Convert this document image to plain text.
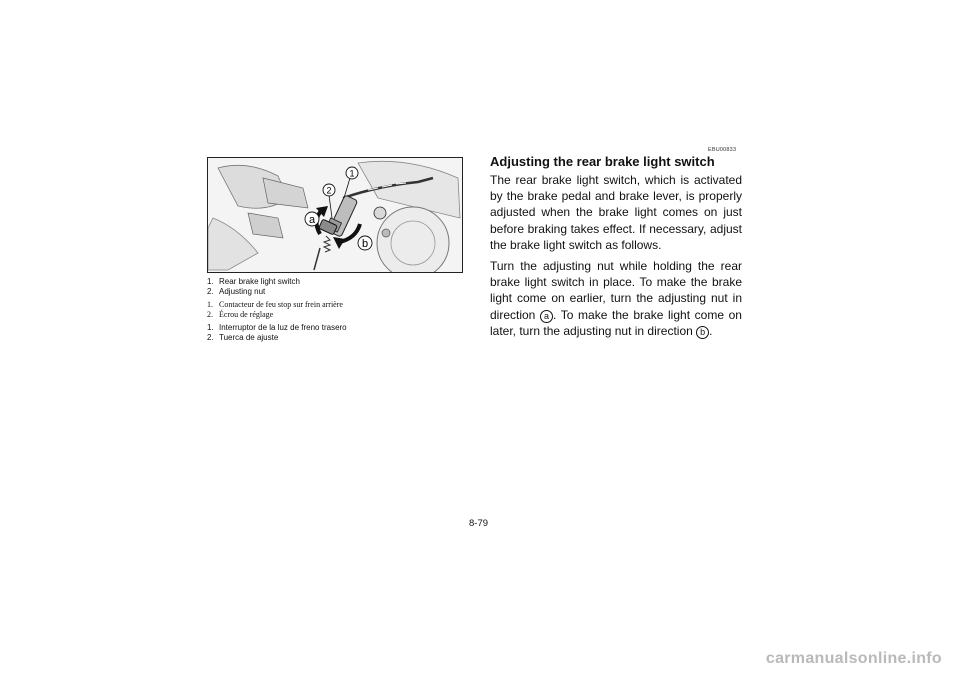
1
2
a
b
1. Rear brake light switch
2. Adjusting nut
1. Contacteur de feu stop sur frein arrière
2. Écrou de réglage
1. Interruptor de la luz de freno trasero
2. Tuerca de ajuste
EBU00833
Adjusting the rear brake light switch

The rear brake light switch, which is activated by the brake pedal and brake lever, is properly adjusted when the brake light comes on just before braking takes effect. If necessary, adjust the brake light switch as follows.

Turn the adjusting nut while holding the rear brake light switch in place. To make the brake light come on earlier, turn the adjusting nut in direction a . To make the brake light come on later, turn the adjusting nut in direction b .

8-79
carmanualsonline.info
